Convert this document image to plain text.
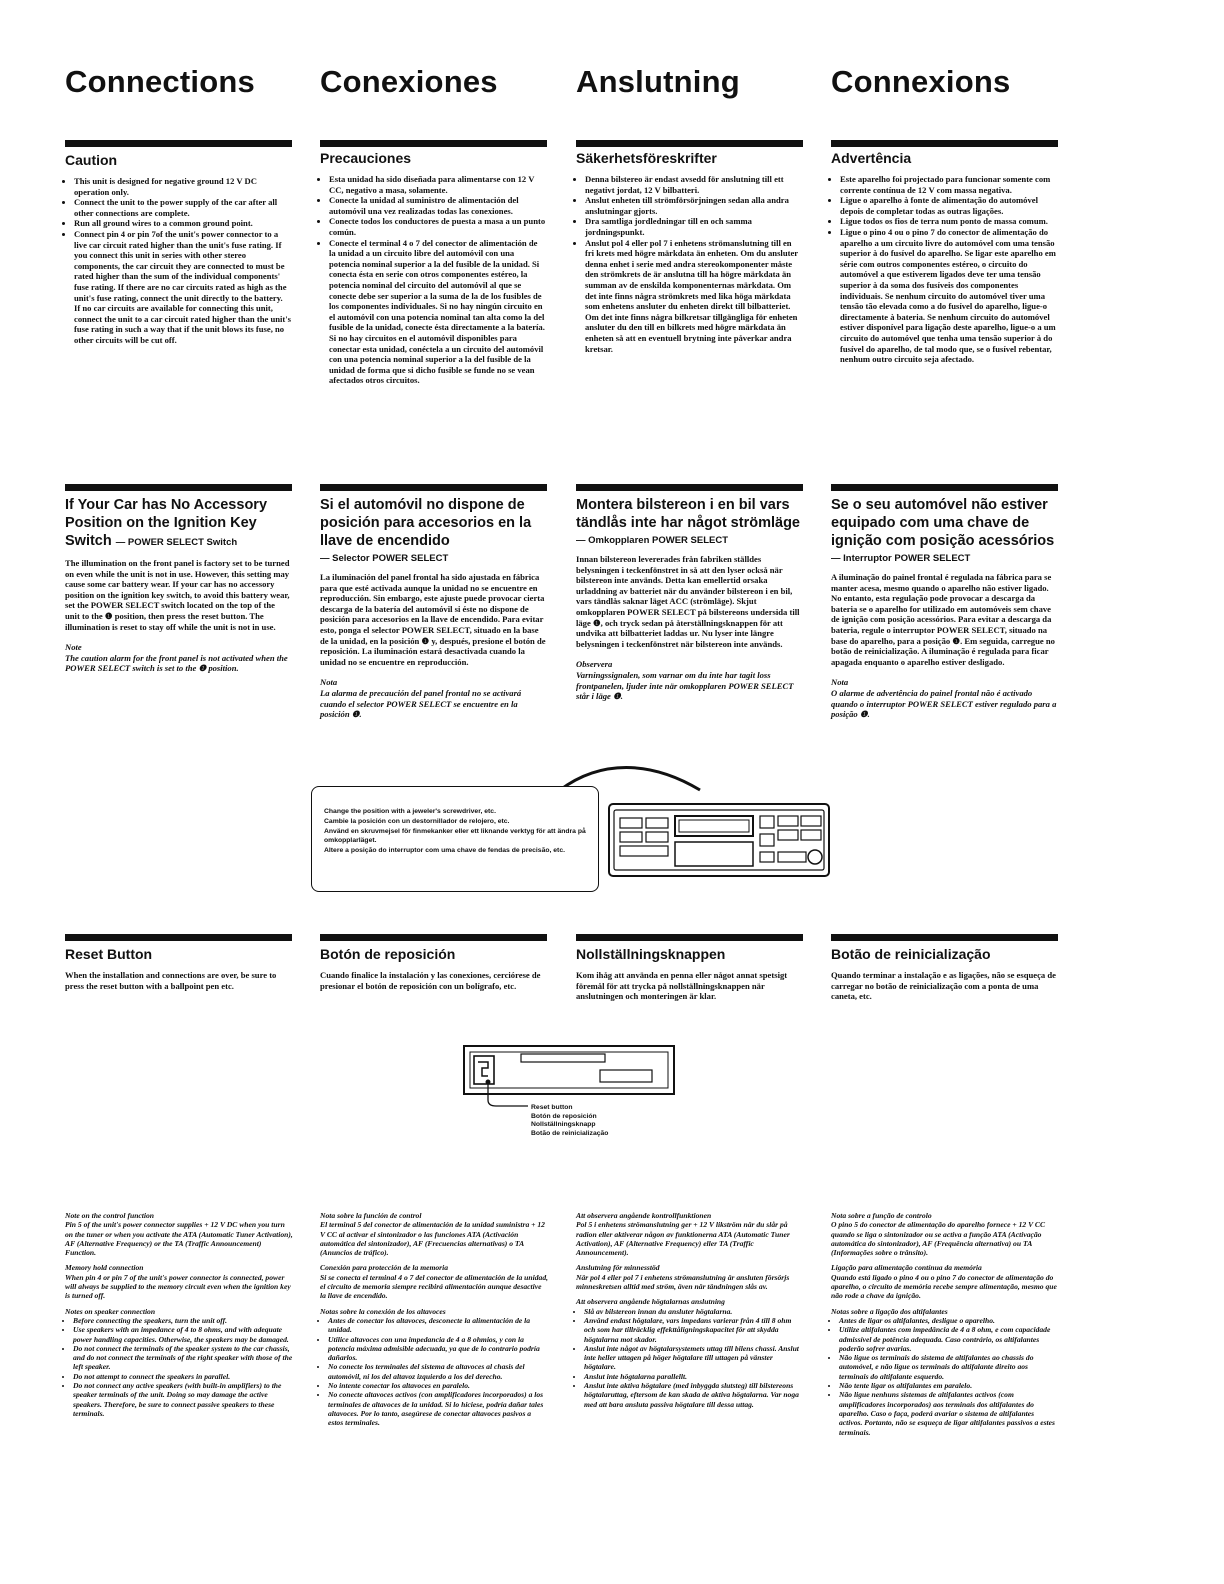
Connections Conexiones	Anslutning	Connexions
Caution
• This unit is designed for negative ground 12 V DC operation only.
• Connect the unit to the power supply of the car after all other connections are complete.
• Run all ground wires to a common ground point.
• Connect pin 4 or pin 7of the unit's power connector to a live car circuit rated higher than the unit's fuse rating. If you connect this unit in series with other stereo components, the car circuit they are connected to must be rated higher than the sum of the individual components' fuse rating. If there are no car circuits rated as high as the unit's fuse rating, connect the unit directly to the battery. If no car circuits are available for connecting this unit, connect the unit to a car circuit rated higher than the unit's fuse rating in such a way that if the unit blows its fuse, no other circuits will be cut off.
Precauciones
• Esta unidad ha sido diseñada para alimentarse con 12 V CC, negativo a masa, solamente.
• Conecte la unidad al suministro de alimentación del automóvil una vez realizadas todas las conexiones.
• Conecte todos los conductores de puesta a masa a un punto común.
• Conecte el terminal 4 o 7 del conector de alimentación de la unidad a un circuito libre del automóvil con una potencia nominal superior a la del fusible de la unidad. Si conecta ésta en serie con otros componentes estéreo, la potencia nominal del circuito del automóvil al que se conecte debe ser superior a la suma de la de los fusibles de los componentes individuales. Si no hay ningún circuito en el automóvil con una potencia nominal tan alta como la del fusible de la unidad, conecte ésta directamente a la batería. Si no hay circuitos en el automóvil disponibles para conectar esta unidad, conéctela a un circuito del automóvil con una potencia nominal superior a la del fusible de la unidad de forma que si dicho fusible se funde no se vean afectados otros circuitos.
Säkerhetsföreskrifter
• Denna bilstereo är endast avsedd för anslutning till ett negativt jordat, 12 V bilbatteri.
• Anslut enheten till strömförsörjningen sedan alla andra anslutningar gjorts.
• Dra samtliga jordledningar till en och samma jordningspunkt.
• Anslut pol 4 eller pol 7 i enhetens strömanslutning till en fri krets med högre märkdata än enheten. Om du ansluter denna enhet i serie med andra stereokomponenter måste den strömkrets de är anslutna till ha högre märkdata än summan av de enskilda komponenternas märkdata. Om det inte finns några strömkrets med lika höga märkdata som enhetens ansluter du enheten direkt till bilbatteriet. Om det inte finns några bilkretsar tillgängliga för enheten ansluter du den till en bilkrets med högre märkdata än enheten så att en eventuell brytning inte påverkar andra kretsar.
Advertência
• Este aparelho foi projectado para funcionar somente com corrente contínua de 12 V com massa negativa.
• Ligue o aparelho à fonte de alimentação do automóvel depois de completar todas as outras ligações.
• Ligue todos os fios de terra num ponto de massa comum.
• Ligue o pino 4 ou o pino 7 do conector de alimentação do aparelho a um circuito livre do automóvel com uma tensão superior à do fusível do aparelho. Se ligar este aparelho em série com outros componentes estéreo, o circuito do automóvel a que estiverem ligados deve ter uma tensão superior à da soma dos fusíveis dos componentes individuais. Se nenhum circuito do automóvel tiver uma tensão tão elevada como a do fusível do aparelho, ligue-o directamente à bateria. Se nenhum circuito do automóvel estiver disponível para ligação deste aparelho, ligue-o a um circuito do automóvel que tenha uma tensão superior à do fusível do aparelho, de tal modo que, se o fusível rebentar, nenhum outro circuito seja afectado.
If Your Car has No Accessory Position on the Ignition Key Switch — POWER SELECT Switch
The illumination on the front panel is factory set to be turned on even while the unit is not in use. However, this setting may cause some car battery wear. If your car has no accessory position on the ignition key switch, to avoid this battery wear, set the POWER SELECT switch located on the top of the unit to the ❶ position, then press the reset button. The illumination is reset to stay off while the unit is not in use.
Note
The caution alarm for the front panel is not activated when the POWER SELECT switch is set to the ❶ position.
Si el automóvil no dispone de posición para accesorios en la llave de encendido
— Selector POWER SELECT
La iluminación del panel frontal ha sido ajustada en fábrica para que esté activada aunque la unidad no se encuentre en reproducción. Sin embargo, este ajuste puede provocar cierta descarga de la batería del automóvil si éste no dispone de posición para accesorios en la llave de encendido. Para evitar esto, ponga el selector POWER SELECT, situado en la base de la unidad, en la posición ❶ y, después, presione el botón de reposición. La iluminación estará desactivada cuando la unidad no se encuentre en reproducción.
Nota
La alarma de precaución del panel frontal no se activará cuando el selector POWER SELECT se encuentre en la posición ❶.
Montera bilstereon i en bil vars tändlås inte har något strömläge
— Omkopplaren POWER SELECT
Innan bilstereon levererades från fabriken ställdes belysningen i teckenfönstret in så att den lyser också när bilstereon inte används. Detta kan emellertid orsaka urladdning av batteriet när du använder bilstereon i en bil, vars tändlås saknar läget ACC (strömläge). Skjut omkopplaren POWER SELECT på bilstereons undersida till läge ❶, och tryck sedan på återställningsknappen för att undvika att bilbatteriet laddas ur. Nu lyser inte längre belysningen i teckenfönstret när bilstereon inte används.
Observera
Varningssignalen, som varnar om du inte har tagit loss frontpanelen, ljuder inte när omkopplaren POWER SELECT står i läge ❶.
Se o seu automóvel não estiver equipado com uma chave de ignição com posição acessórios
— Interruptor POWER SELECT
A iluminação do painel frontal é regulada na fábrica para se manter acesa, mesmo quando o aparelho não estiver ligado. No entanto, esta regulação pode provocar a descarga da bateria se o aparelho for utilizado em automóveis sem chave de ignição com posição acessórios. Para evitar a descarga da bateria, regule o interruptor POWER SELECT, situado na base do aparelho, para a posição ❶. Em seguida, carregue no botão de reinicialização. A iluminação é regulada para ficar apagada enquanto o aparelho estiver desligado.
Nota
O alarme de advertência do painel frontal não é activado quando o interruptor POWER SELECT estiver regulado para a posição ❶.
Change the position with a jeweler's screwdriver, etc.
Cambie la posición con un destornillador de relojero, etc.
Använd en skruvmejsel för finmekanker eller ett liknande verktyg för att ändra på omkopplarläget.
Altere a posição do interruptor com uma chave de fendas de precisão, etc.
Reset Button
When the installation and connections are over, be sure to press the reset button with a ballpoint pen etc.
Botón de reposición
Cuando finalice la instalación y las conexiones, cerciórese de presionar el botón de reposición con un bolígrafo, etc.
Nollställningsknappen
Kom ihåg att använda en penna eller något annat spetsigt föremål för att trycka på nollställningsknappen när anslutningen och monteringen är klar.
Botão de reinicialização
Quando terminar a instalação e as ligações, não se esqueça de carregar no botão de reinicialização com a ponta de uma caneta, etc.
Reset button
Botón de reposición
Nollställningsknapp
Botão de reinicialização
Note on the control function
Pin 5 of the unit's power connector supplies + 12 V DC when you turn on the tuner or when you activate the ATA (Automatic Tuner Activation), AF (Alternative Frequency) or the TA (Traffic Announcement) Function.
Memory hold connection
When pin 4 or pin 7 of the unit's power connector is connected, power will always be supplied to the memory circuit even when the ignition key is turned off.
Notes on speaker connection
• Before connecting the speakers, turn the unit off.
• Use speakers with an impedance of 4 to 8 ohms, and with adequate power handling capacities. Otherwise, the speakers may be damaged.
• Do not connect the terminals of the speaker system to the car chassis, and do not connect the terminals of the right speaker with those of the left speaker.
• Do not attempt to connect the speakers in parallel.
• Do not connect any active speakers (with built-in amplifiers) to the speaker terminals of the unit. Doing so may damage the active speakers. Therefore, be sure to connect passive speakers to these terminals.
Nota sobre la función de control
El terminal 5 del conector de alimentación de la unidad suministra + 12 V CC al activar el sintonizador o las funciones ATA (Activación automática del sintonizador), AF (Frecuencias alternativas) o TA (Anuncios de tráfico).
Conexión para protección de la memoria
Si se conecta el terminal 4 o 7 del conector de alimentación de la unidad, el circuito de memoria siempre recibirá alimentación aunque desactive la llave de encendido.
Notas sobre la conexión de los altavoces
• Antes de conectar los altavoces, desconecte la alimentación de la unidad.
• Utilice altavoces con una impedancia de 4 a 8 ohmios, y con la potencia máxima admisible adecuada, ya que de lo contrario podría dañarlos.
• No conecte los terminales del sistema de altavoces al chasis del automóvil, ni los del altavoz izquierdo a los del derecho.
• No intente conectar los altavoces en paralelo.
• No conecte altavoces activos (con amplificadores incorporados) a los terminales de altavoces de la unidad. Si lo hiciese, podría dañar tales altavoces. Por lo tanto, asegúrese de conectar altavoces pasivos a estos terminales.
Att observera angående kontrollfunktionen
Pol 5 i enhetens strömanslutning ger + 12 V likström när du slår på radion eller aktiverar någon av funktionerna ATA (Automatic Tuner Activation), AF (Alternative Frequency) eller TA (Traffic Announcement).
Anslutning för minnesstöd
När pol 4 eller pol 7 i enhetens strömanslutning är ansluten försörjs minneskretsen alltid med ström, även när tändningen slås av.
Att observera angående högtalarnas anslutning
• Slå av bilstereon innan du ansluter högtalarna.
• Använd endast högtalare, vars impedans varierar från 4 till 8 ohm och som har tillräcklig effekttåligningskapacitet för att skydda högtalarna mot skador.
• Anslut inte något av högtalarsystemets uttag till bilens chassi. Anslut inte heller uttagen på höger högtalare till uttagen på vänster högtalare.
• Anslut inte högtalarna parallellt.
• Anslut inte aktiva högtalare (med inbyggda slutsteg) till bilstereons högtalaruttag, eftersom de kan skada de aktiva högtalarna. Var noga med att bara ansluta passiva högtalare till dessa uttag.
Nota sobre a função de controlo
O pino 5 do conector de alimentação do aparelho fornece + 12 V CC quando se liga o sintonizador ou se activa a função ATA (Activação automática do sintonizador), AF (Frequência alternativa) ou TA (Informações sobre o trânsito).
Ligação para alimentação contínua da memória
Quando está ligado o pino 4 ou o pino 7 do conector de alimentação do aparelho, o circuito de memória recebe sempre alimentação, mesmo que não rode a chave da ignição.
Notas sobre a ligação dos altifalantes
• Antes de ligar os altifalantes, desligue o aparelho.
• Utilize altifalantes com impedância de 4 a 8 ohm, e com capacidade admissível de potência adequada. Caso contrário, os altifalantes poderão sofrer avarias.
• Não ligue os terminais do sistema de altifalantes ao chassis do automóvel, e não ligue os terminais do altifalante direito aos terminais do altifalante esquerdo.
• Não tente ligar os altifalantes em paralelo.
• Não ligue nenhuns sistemas de altifalantes activos (com amplificadores incorporados) aos terminais dos altifalantes do aparelho. Caso o faça, poderá avariar o sistema de altifalantes activos. Portanto, não se esqueça de ligar altifalantes passivos a estes terminais.
